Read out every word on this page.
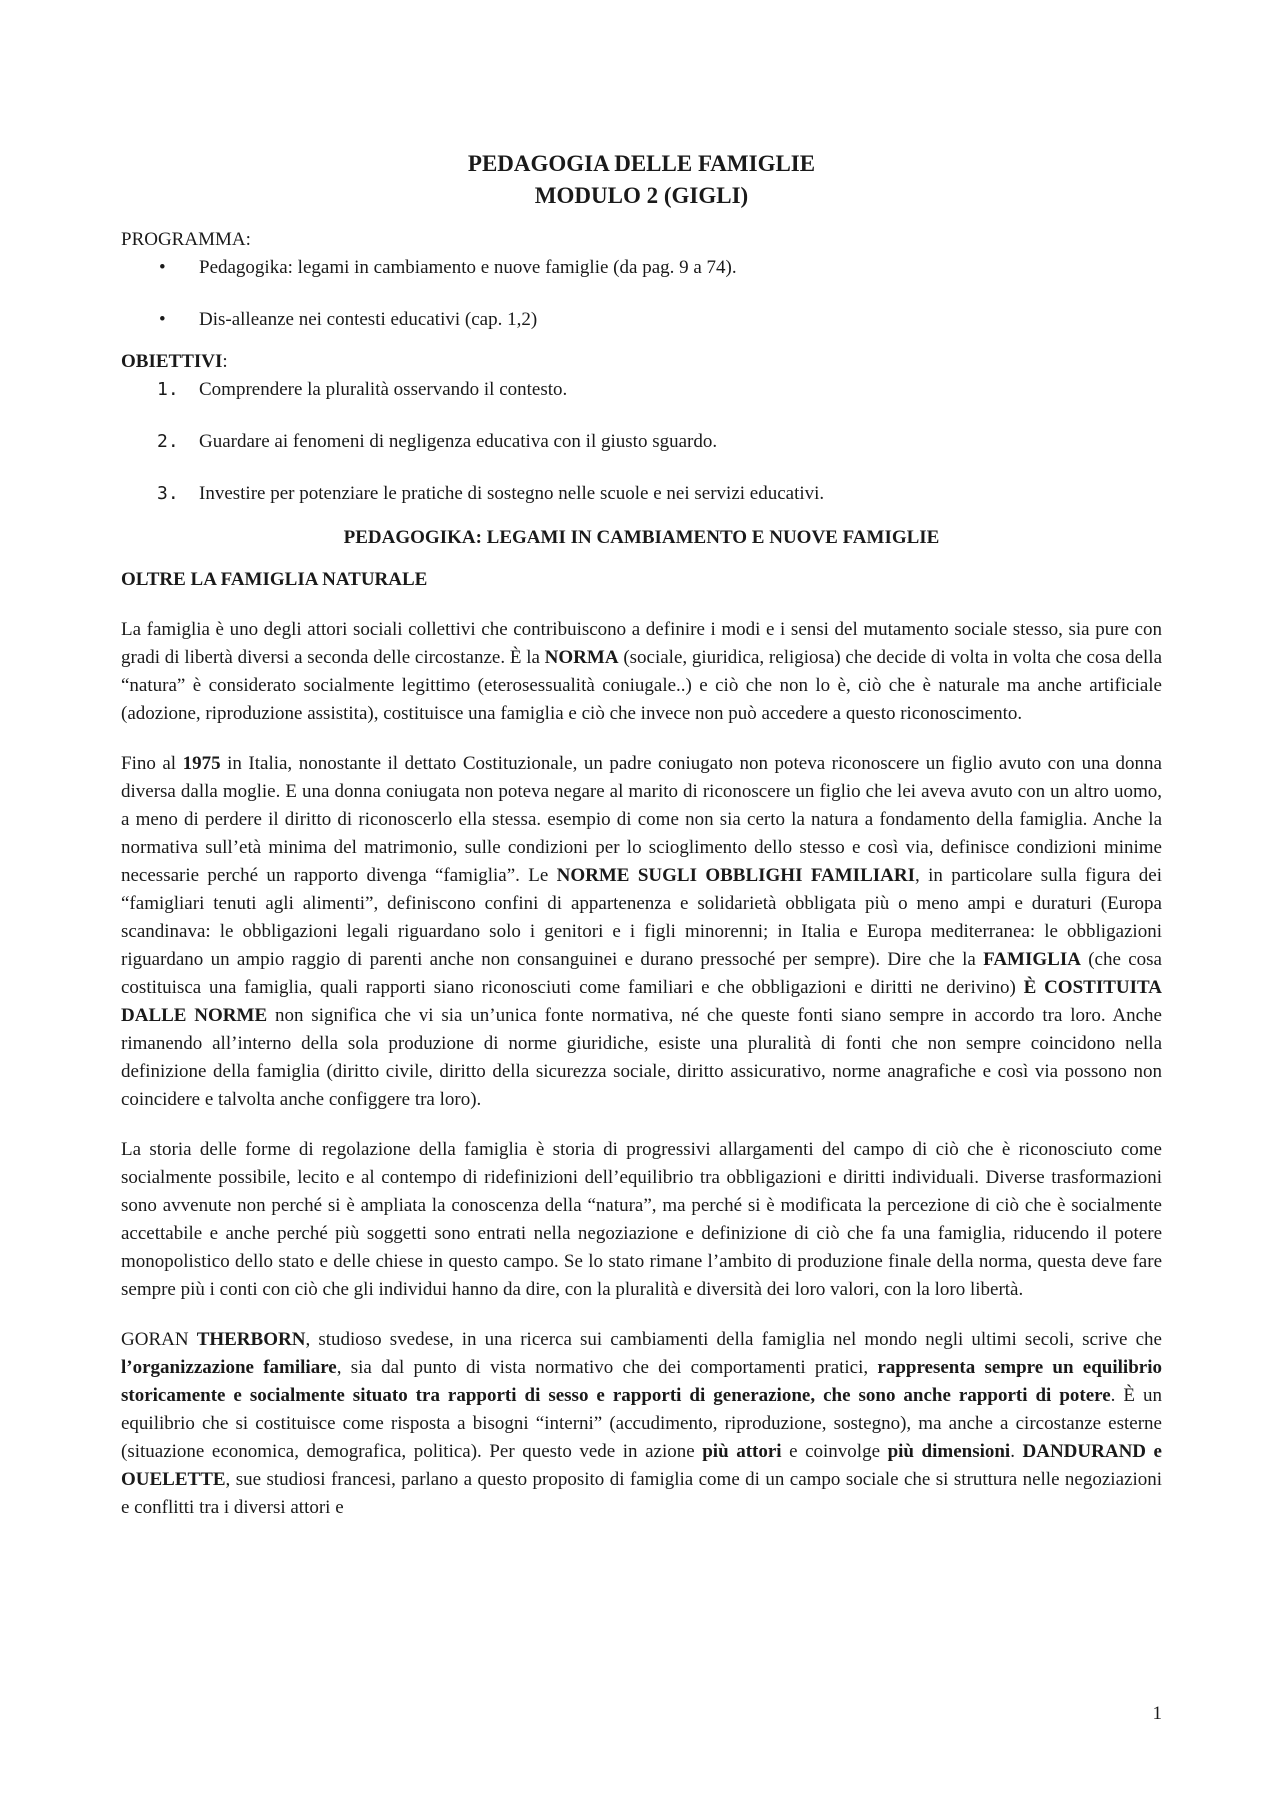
PEDAGOGIA DELLE FAMIGLIE

MODULO 2 (GIGLI)

PROGRAMMA:

•	Pedagogika: legami in cambiamento e nuove famiglie (da pag. 9 a 74).
•	Dis-alleanze nei contesti educativi (cap. 1,2)

OBIETTIVI:

1. Comprendere la pluralità osservando il contesto.
2. Guardare ai fenomeni di negligenza educativa con il giusto sguardo.
3. Investire per potenziare le pratiche di sostegno nelle scuole e nei servizi educativi.

PEDAGOGIKA: LEGAMI IN CAMBIAMENTO E NUOVE FAMIGLIE

OLTRE LA FAMIGLIA NATURALE

La famiglia è uno degli attori sociali collettivi che contribuiscono a definire i modi e i sensi del mutamento sociale stesso, sia pure con gradi di libertà diversi a seconda delle circostanze. È la NORMA (sociale, giuridica, religiosa) che decide di volta in volta che cosa della “natura” è considerato socialmente legittimo (eterosessualità coniugale..) e ciò che non lo è, ciò che è naturale ma anche artificiale (adozione, riproduzione assistita), costituisce una famiglia e ciò che invece non può accedere a questo riconoscimento.

Fino al 1975 in Italia, nonostante il dettato Costituzionale, un padre coniugato non poteva riconoscere un figlio avuto con una donna diversa dalla moglie. E una donna coniugata non poteva negare al marito di riconoscere un figlio che lei aveva avuto con un altro uomo, a meno di perdere il diritto di riconoscerlo ella stessa. esempio di come non sia certo la natura a fondamento della famiglia. Anche la normativa sull’età minima del matrimonio, sulle condizioni per lo scioglimento dello stesso e così via, definisce condizioni minime necessarie perché un rapporto divenga “famiglia”. Le NORME SUGLI OBBLIGHI FAMILIARI, in particolare sulla figura dei “famigliari tenuti agli alimenti”, definiscono confini di appartenenza e solidarietà obbligata più o meno ampi e duraturi (Europa scandinava: le obbligazioni legali riguardano solo i genitori e i figli minorenni; in Italia e Europa mediterranea: le obbligazioni riguardano un ampio raggio di parenti anche non consanguinei e durano pressoché per sempre). Dire che la FAMIGLIA (che cosa costituisca una famiglia, quali rapporti siano riconosciuti come familiari e che obbligazioni e diritti ne derivino) È COSTITUITA DALLE NORME non significa che vi sia un’unica fonte normativa, né che queste fonti siano sempre in accordo tra loro. Anche rimanendo all’interno della sola produzione di norme giuridiche, esiste una pluralità di fonti che non sempre coincidono nella definizione della famiglia (diritto civile, diritto della sicurezza sociale, diritto assicurativo, norme anagrafiche e così via possono non coincidere e talvolta anche configgere tra loro).

La storia delle forme di regolazione della famiglia è storia di progressivi allargamenti del campo di ciò che è riconosciuto come socialmente possibile, lecito e al contempo di ridefinizioni dell’equilibrio tra obbligazioni e diritti individuali. Diverse trasformazioni sono avvenute non perché si è ampliata la conoscenza della “natura”, ma perché si è modificata la percezione di ciò che è socialmente accettabile e anche perché più soggetti sono entrati nella negoziazione e definizione di ciò che fa una famiglia, riducendo il potere monopolistico dello stato e delle chiese in questo campo. Se lo stato rimane l’ambito di produzione finale della norma, questa deve fare sempre più i conti con ciò che gli individui hanno da dire, con la pluralità e diversità dei loro valori, con la loro libertà.

GORAN THERBORN, studioso svedese, in una ricerca sui cambiamenti della famiglia nel mondo negli ultimi secoli, scrive che l’organizzazione familiare, sia dal punto di vista normativo che dei comportamenti pratici, rappresenta sempre un equilibrio storicamente e socialmente situato tra rapporti di sesso e rapporti di generazione, che sono anche rapporti di potere. È un equilibrio che si costituisce come risposta a bisogni “interni” (accudimento, riproduzione, sostegno), ma anche a circostanze esterne (situazione economica, demografica, politica). Per questo vede in azione più attori e coinvolge più dimensioni. DANDURAND e OUELETTE, sue studiosi francesi, parlano a questo proposito di famiglia come di un campo sociale che si struttura nelle negoziazioni e conflitti tra i diversi attori e

1
